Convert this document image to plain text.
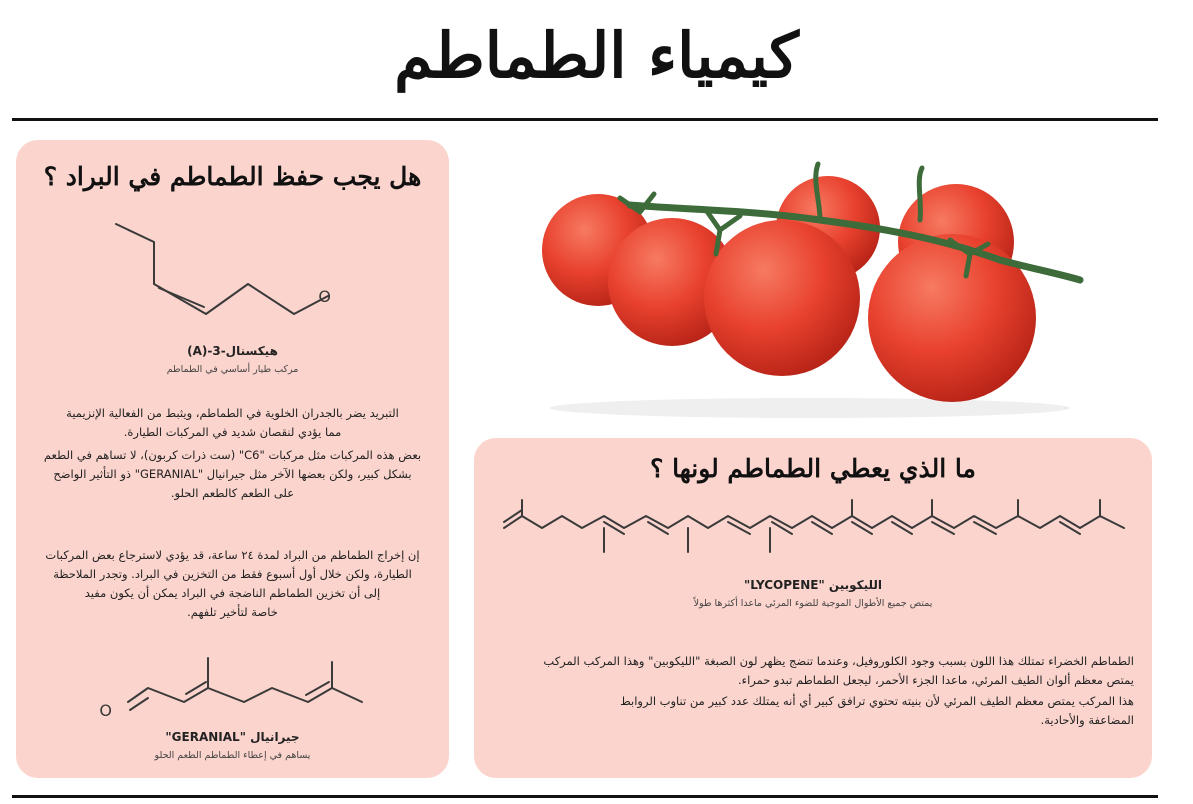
كيمياء الطماطم
هل يجب حفظ الطماطم في البراد ؟
O
هيكسنال-3-(A)
مركب طيار أساسي في الطماطم

التبريد يضر بالجدران الخلوية في الطماطم، ويثبط من الفعالية الإنزيمية

مما يؤدي لنقصان شديد في المركبات الطيارة.

بعض هذه المركبات مثل مركبات "C6" (ست ذرات كربون)، لا تساهم في الطعم

بشكل كبير، ولكن بعضها الآخر مثل جيرانيال "GERANIAL" ذو التأثير الواضح

على الطعم كالطعم الحلو.

إن إخراج الطماطم من البراد لمدة ٢٤ ساعة، قد يؤدي لاسترجاع بعض المركبات

الطيارة، ولكن خلال أول أسبوع فقط من التخزين في البراد. وتجدر الملاحظة

إلى أن تخزين الطماطم الناضجة في البراد يمكن أن يكون مفيد

خاصة لتأخير تلفهم.

O
جيرانيال "GERANIAL"
يساهم في إعطاء الطماطم الطعم الحلو
ما الذي يعطي الطماطم لونها ؟
الليكوبين "LYCOPENE"
يمتص جميع الأطوال الموجية للضوء المرئي ماعدا أكثرها طولاً

الطماطم الخضراء تمتلك هذا اللون بسبب وجود الكلوروفيل، وعندما تنضج يظهر لون الصبغة "الليكوبين" وهذا المركب المركب

يمتص معظم ألوان الطيف المرئي، ماعدا الجزء الأحمر، ليجعل الطماطم تبدو حمراء.

هذا المركب يمتص معظم الطيف المرئي لأن بنيته تحتوي ترافق كبير أي أنه يمتلك عدد كبير من تناوب الروابط

المضاعفة والأحادية.
